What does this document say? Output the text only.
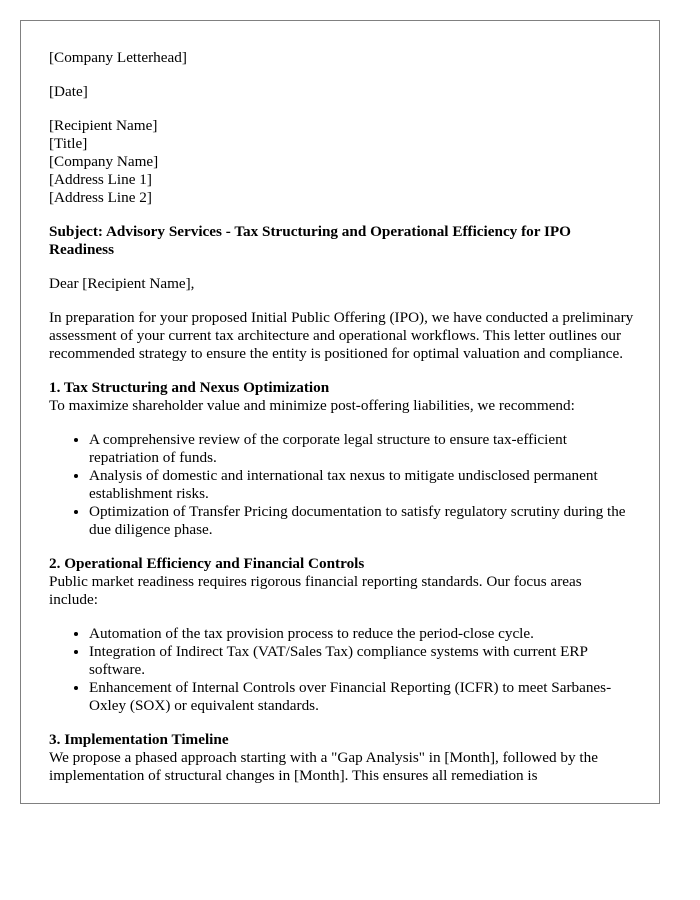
[Company Letterhead]

[Date]

[Recipient Name]
[Title]
[Company Name]
[Address Line 1]
[Address Line 2]

Subject: Advisory Services - Tax Structuring and Operational Efficiency for IPO Readiness

Dear [Recipient Name],

In preparation for your proposed Initial Public Offering (IPO), we have conducted a preliminary assessment of your current tax architecture and operational workflows. This letter outlines our recommended strategy to ensure the entity is positioned for optimal valuation and compliance.

1. Tax Structuring and Nexus Optimization
To maximize shareholder value and minimize post-offering liabilities, we recommend:
• A comprehensive review of the corporate legal structure to ensure tax-efficient repatriation of funds.
• Analysis of domestic and international tax nexus to mitigate undisclosed permanent establishment risks.
• Optimization of Transfer Pricing documentation to satisfy regulatory scrutiny during the due diligence phase.
2. Operational Efficiency and Financial Controls
Public market readiness requires rigorous financial reporting standards. Our focus areas include:
• Automation of the tax provision process to reduce the period-close cycle.
• Integration of Indirect Tax (VAT/Sales Tax) compliance systems with current ERP software.
• Enhancement of Internal Controls over Financial Reporting (ICFR) to meet Sarbanes-Oxley (SOX) or equivalent standards.
3. Implementation Timeline
We propose a phased approach starting with a "Gap Analysis" in [Month], followed by the implementation of structural changes in [Month]. This ensures all remediation is
